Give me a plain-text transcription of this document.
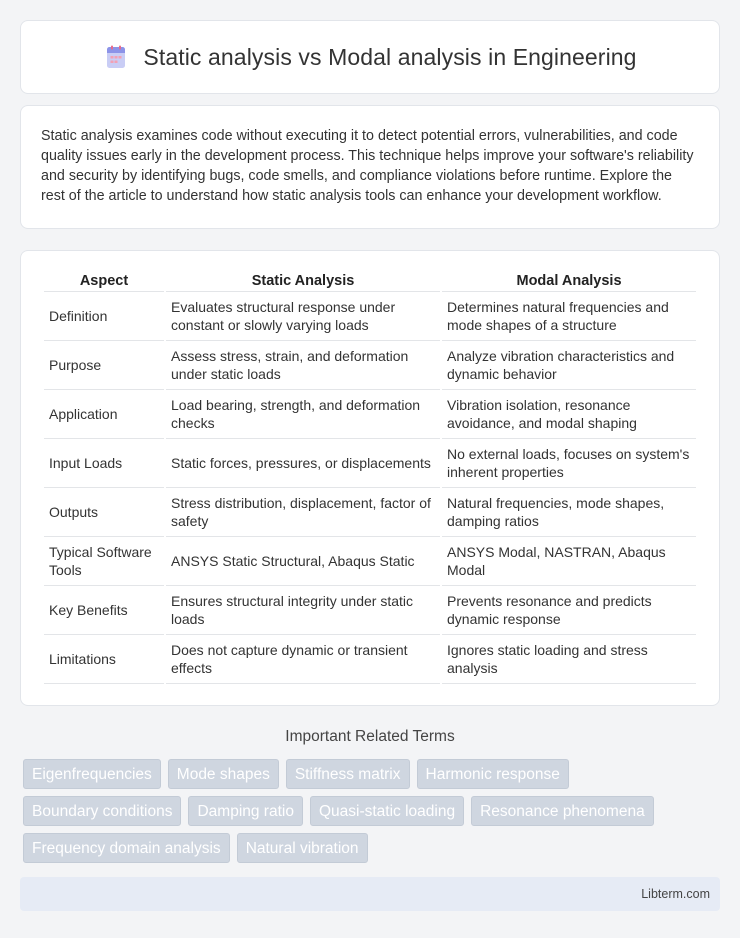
Static analysis vs Modal analysis in Engineering

Static analysis examines code without executing it to detect potential errors, vulnerabilities, and code quality issues early in the development process. This technique helps improve your software's reliability and security by identifying bugs, code smells, and compliance violations before runtime. Explore the rest of the article to understand how static analysis tools can enhance your development workflow.

Aspect	Static Analysis	Modal Analysis
Definition	Evaluates structural response under constant or slowly varying loads	Determines natural frequencies and mode shapes of a structure
Purpose	Assess stress, strain, and deformation under static loads	Analyze vibration characteristics and dynamic behavior
Application	Load bearing, strength, and deformation checks	Vibration isolation, resonance avoidance, and modal shaping
Input Loads	Static forces, pressures, or displacements	No external loads, focuses on system's inherent properties
Outputs	Stress distribution, displacement, factor of safety	Natural frequencies, mode shapes, damping ratios
Typical Software Tools	ANSYS Static Structural, Abaqus Static	ANSYS Modal, NASTRAN, Abaqus Modal
Key Benefits	Ensures structural integrity under static loads	Prevents resonance and predicts dynamic response
Limitations	Does not capture dynamic or transient effects	Ignores static loading and stress analysis
Important Related Terms
Eigenfrequencies	Mode shapes	Stiffness matrix	Harmonic response
Boundary conditions	Damping ratio	Quasi-static loading	Resonance phenomena
Frequency domain analysis	Natural vibration
Libterm.com
